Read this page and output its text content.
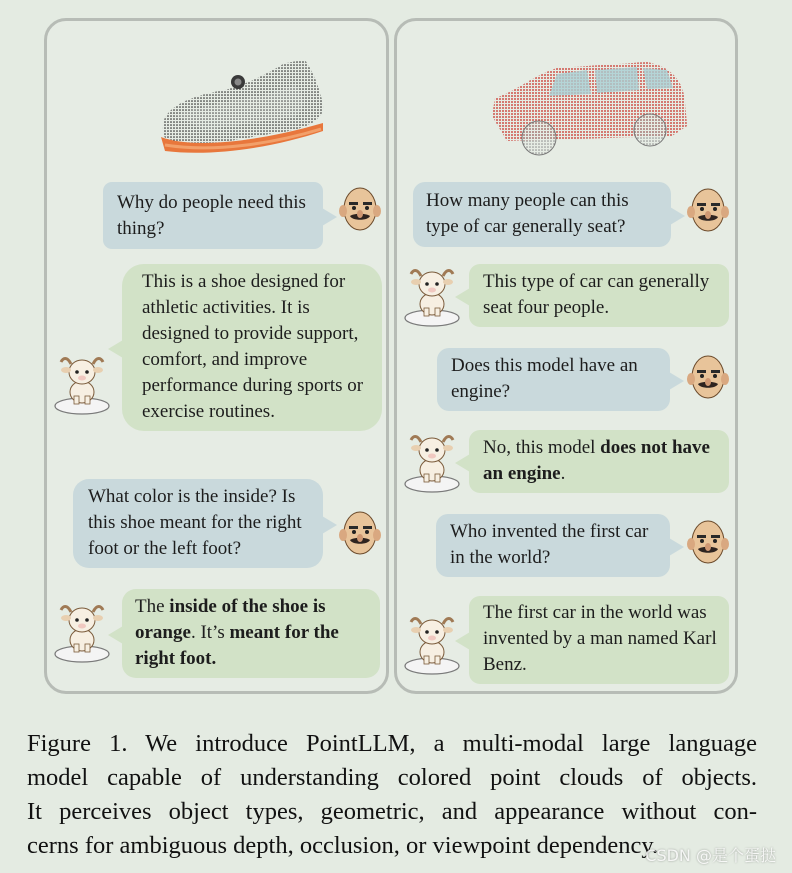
Why do people need this thing?
This is a shoe designed for athletic activities. It is designed to provide support, comfort, and improve performance during sports or exercise routines.
What color is the inside? Is this shoe meant for the right foot or the left foot?
The inside of the shoe is orange. It’s meant for the right foot.
How many people can this type of car generally seat?
This type of car can generally seat four people.
Does this model have an engine?
No, this model does not have an engine.
Who invented the first car in the world?
The first car in the world was invented by a man named Karl Benz.
Figure 1. We introduce PointLLM, a multi-modal large language
model capable of understanding colored point clouds of objects.
It perceives object types, geometric, and appearance without con-
cerns for ambiguous depth, occlusion, or viewpoint dependency.
CSDN @是个蛋挞
